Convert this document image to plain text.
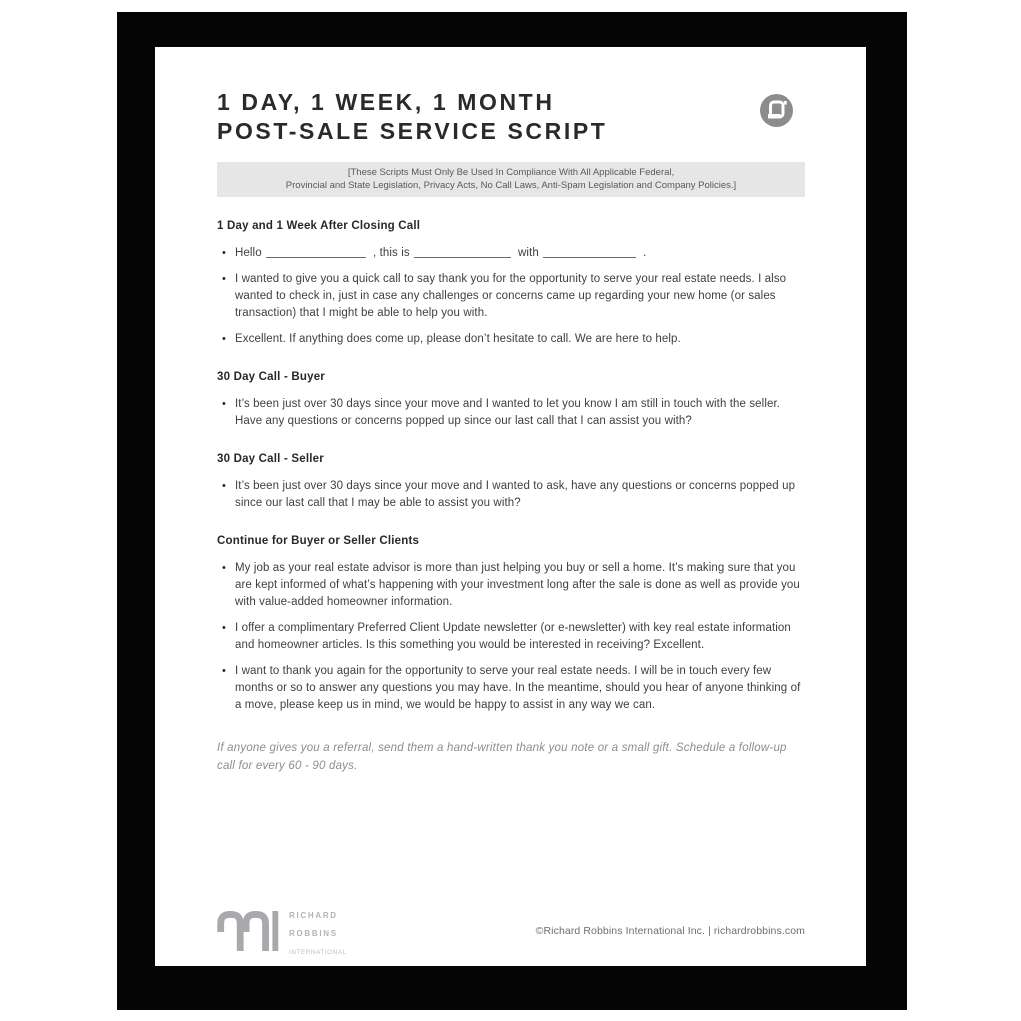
1 DAY, 1 WEEK, 1 MONTH
POST-SALE SERVICE SCRIPT
[These Scripts Must Only Be Used In Compliance With All Applicable Federal,
Provincial and State Legislation, Privacy Acts, No Call Laws, Anti-Spam Legislation and Company Policies.]
1 Day and 1 Week After Closing Call
• Hello	, this is	with	.
• I wanted to give you a quick call to say thank you for the opportunity to serve your real estate needs. I also wanted to check in, just in case any challenges or concerns came up regarding your new home (or sales transaction) that I might be able to help you with.
• Excellent. If anything does come up, please don’t hesitate to call. We are here to help.
30 Day Call - Buyer
• It’s been just over 30 days since your move and I wanted to let you know I am still in touch with the seller. Have any questions or concerns popped up since our last call that I can assist you with?
30 Day Call - Seller
• It’s been just over 30 days since your move and I wanted to ask, have any questions or concerns popped up since our last call that I may be able to assist you with?
Continue for Buyer or Seller Clients
• My job as your real estate advisor is more than just helping you buy or sell a home. It’s making sure that you are kept informed of what’s happening with your investment long after the sale is done as well as provide you with value-added homeowner information.
• I offer a complimentary Preferred Client Update newsletter (or e-newsletter) with key real estate information and homeowner articles. Is this something you would be interested in receiving? Excellent.
• I want to thank you again for the opportunity to serve your real estate needs. I will be in touch every few months or so to answer any questions you may have. In the meantime, should you hear of anyone thinking of a move, please keep us in mind, we would be happy to assist in any way we can.

If anyone gives you a referral, send them a hand-written thank you note or a small gift. Schedule a follow-up call for every 60 - 90 days.

RICHARD
ROBBINS
INTERNATIONAL
©Richard Robbins International Inc. | richardrobbins.com
